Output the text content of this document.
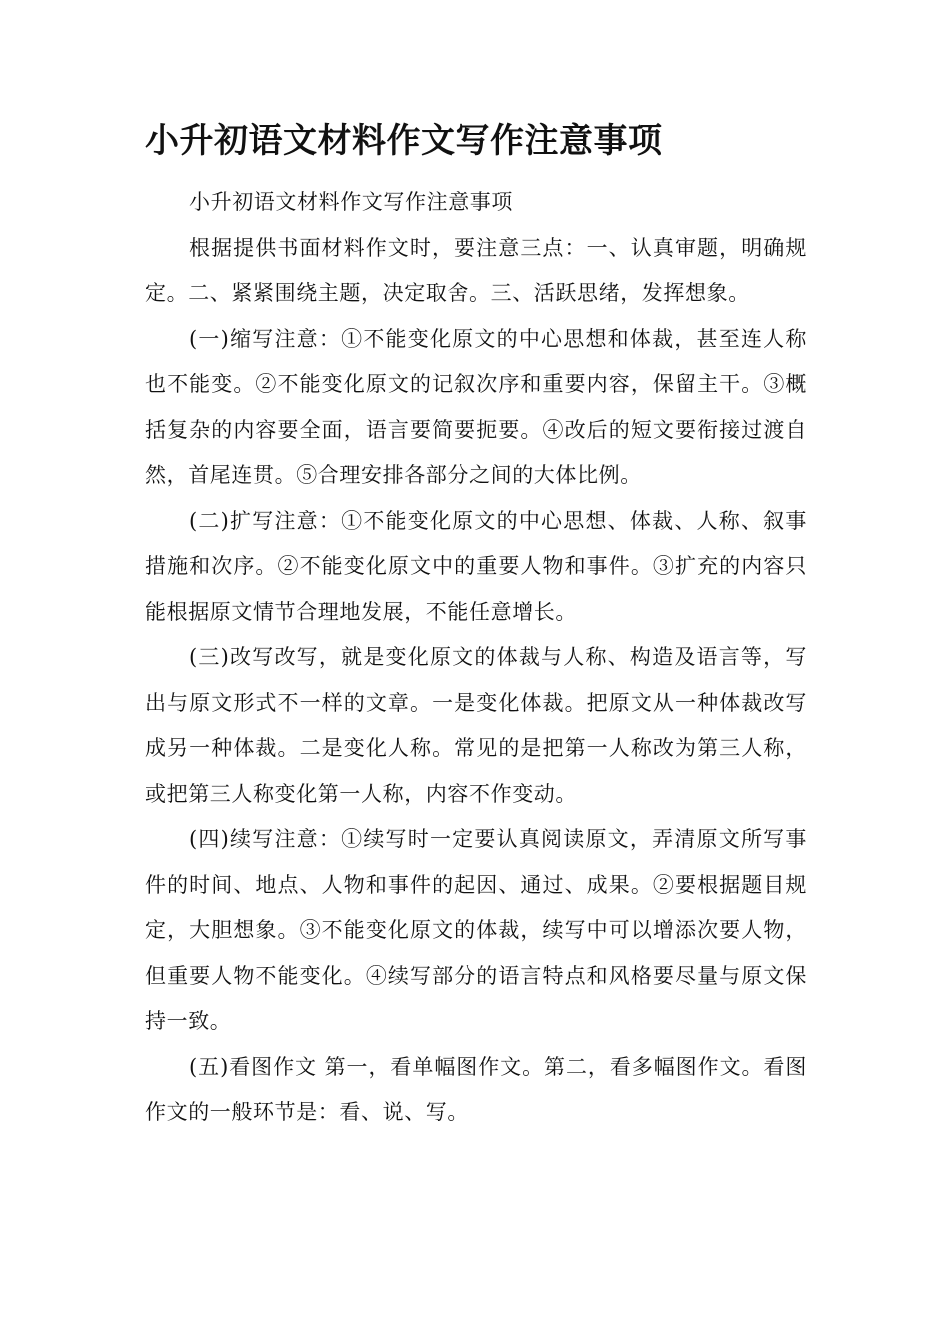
小升初语文材料作文写作注意事项

小升初语文材料作文写作注意事项

根据提供书面材料作文时，要注意三点：一、认真审题，明确规定。二、紧紧围绕主题，决定取舍。三、活跃思绪，发挥想象。

(一)缩写注意：①不能变化原文的中心思想和体裁，甚至连人称也不能变。②不能变化原文的记叙次序和重要内容，保留主干。③概括复杂的内容要全面，语言要简要扼要。④改后的短文要衔接过渡自然，首尾连贯。⑤合理安排各部分之间的大体比例。

(二)扩写注意：①不能变化原文的中心思想、体裁、人称、叙事措施和次序。②不能变化原文中的重要人物和事件。③扩充的内容只能根据原文情节合理地发展，不能任意增长。

(三)改写改写，就是变化原文的体裁与人称、构造及语言等，写出与原文形式不一样的文章。一是变化体裁。把原文从一种体裁改写成另一种体裁。二是变化人称。常见的是把第一人称改为第三人称，或把第三人称变化第一人称，内容不作变动。

(四)续写注意：①续写时一定要认真阅读原文，弄清原文所写事件的时间、地点、人物和事件的起因、通过、成果。②要根据题目规定，大胆想象。③不能变化原文的体裁，续写中可以增添次要人物，但重要人物不能变化。④续写部分的语言特点和风格要尽量与原文保持一致。

(五)看图作文 第一，看单幅图作文。第二，看多幅图作文。看图作文的一般环节是：看、说、写。
